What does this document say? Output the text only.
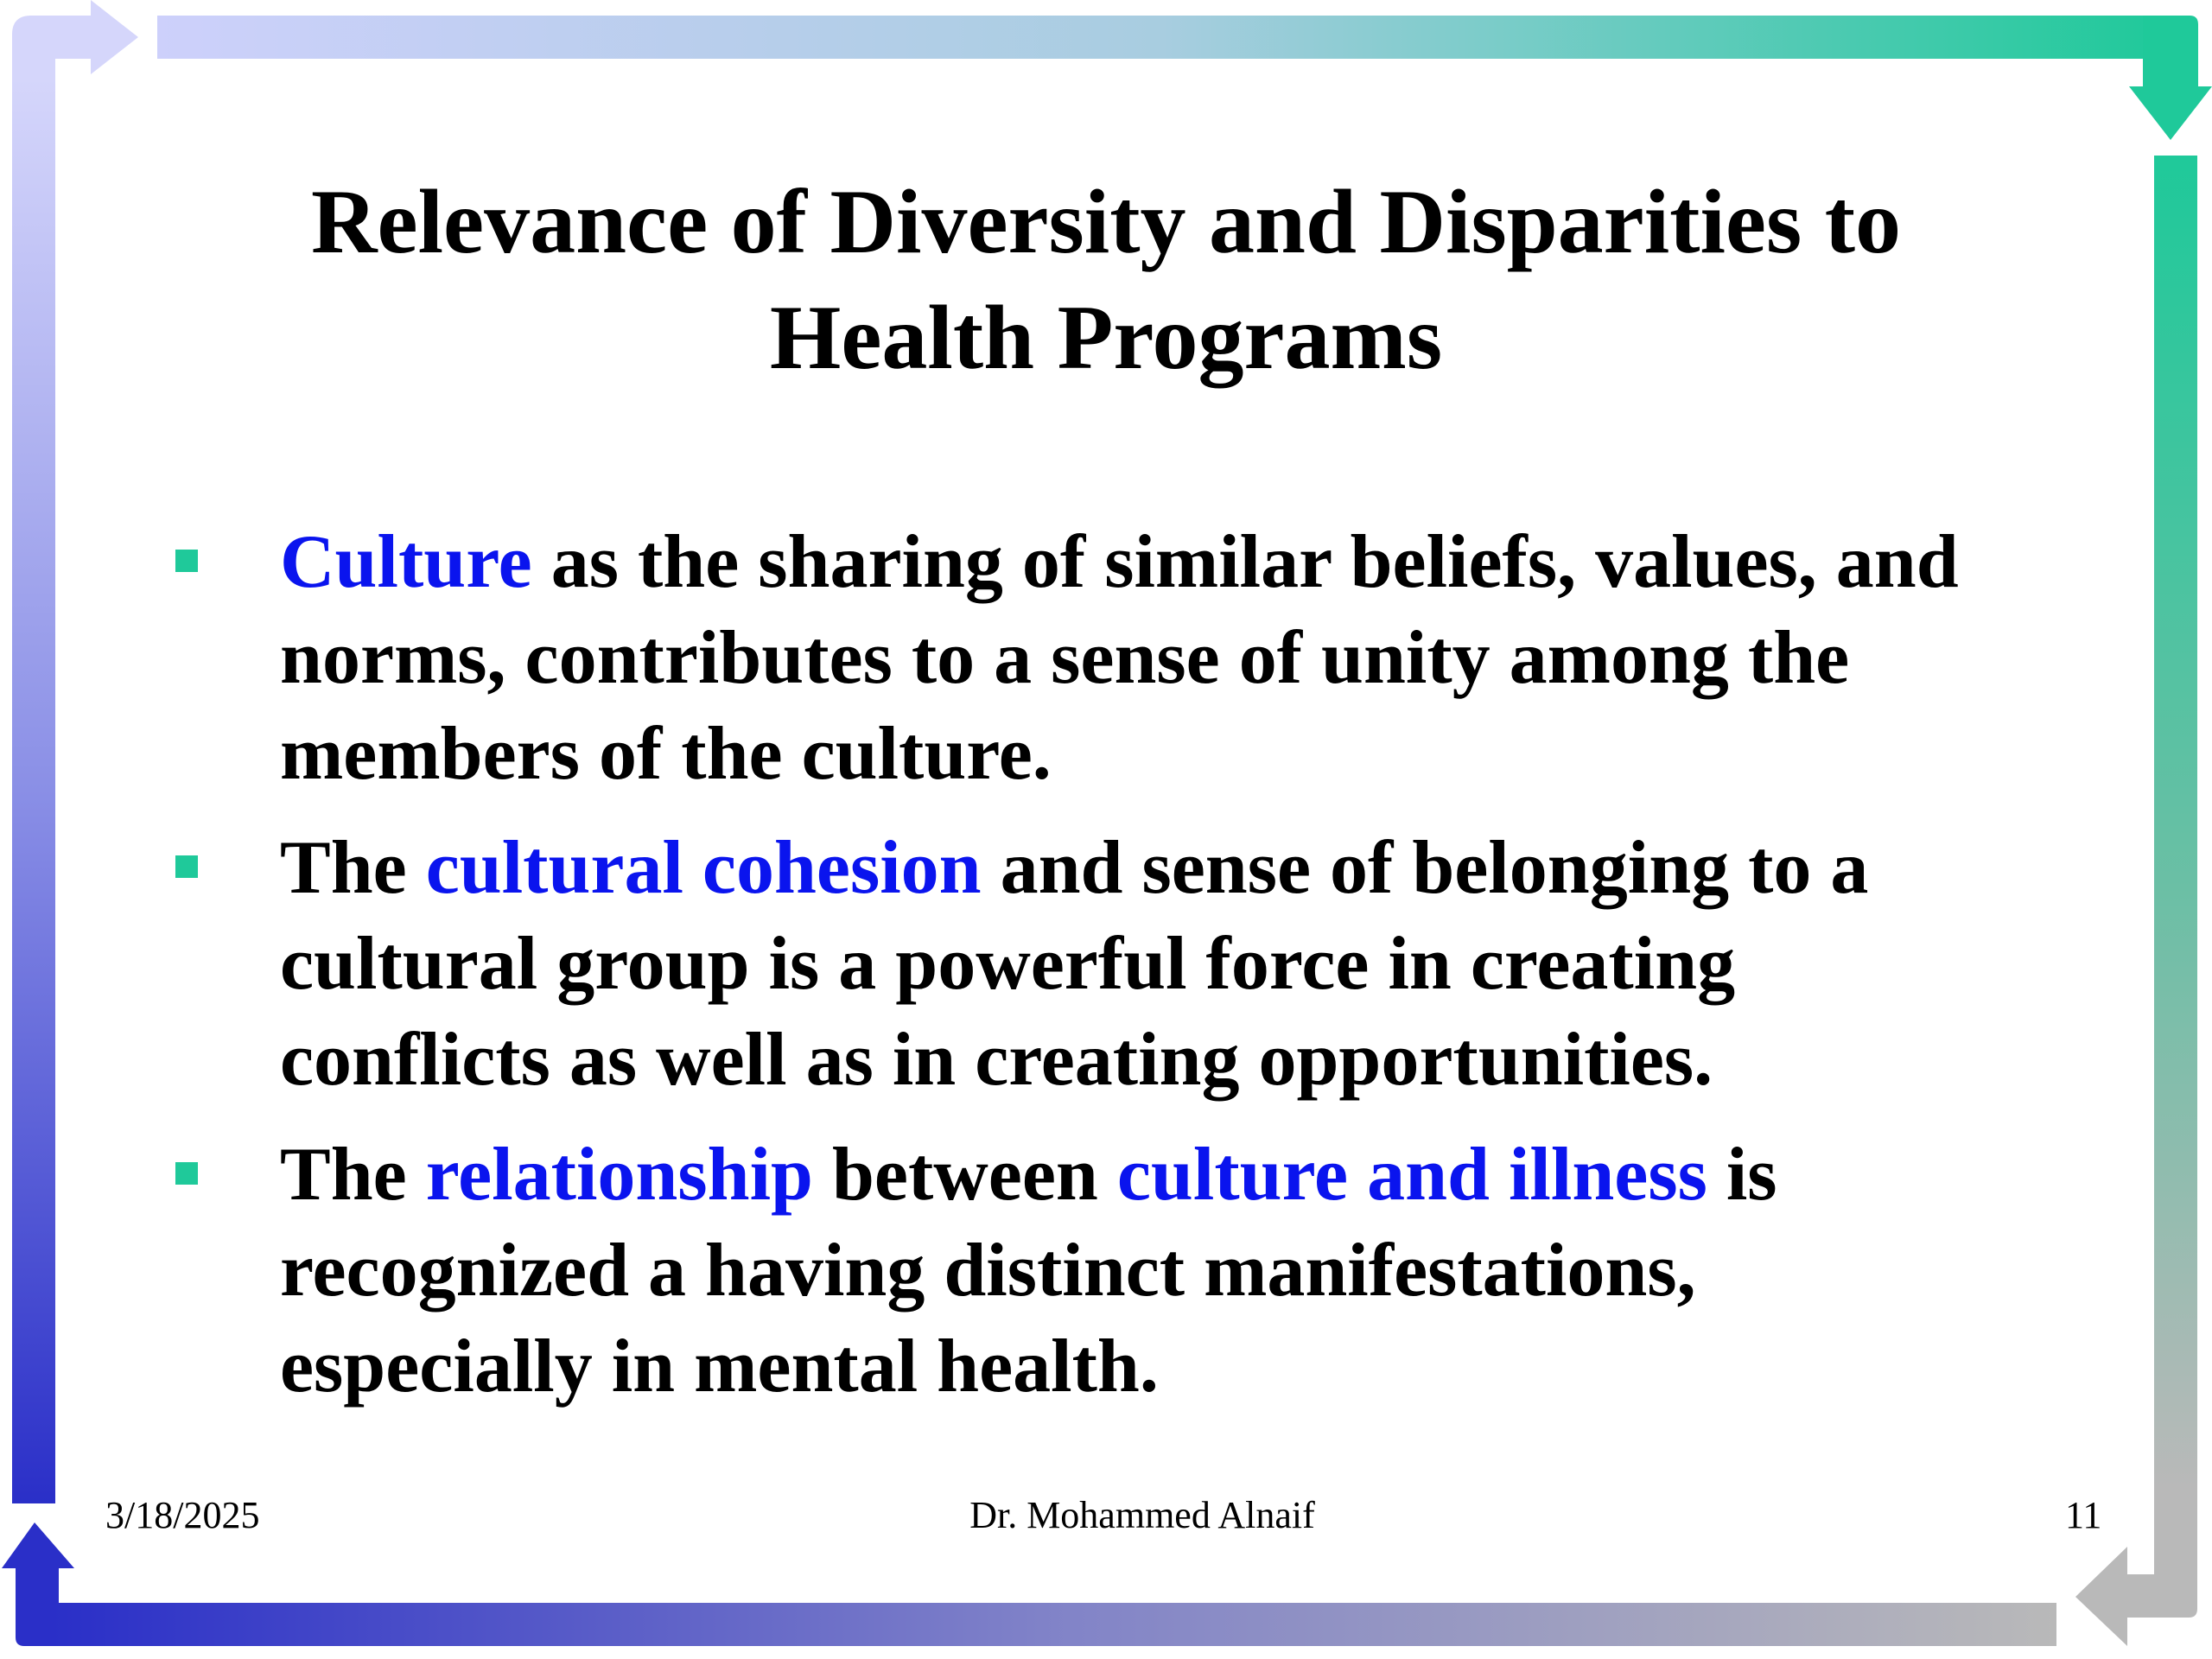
Relevance of Diversity and Disparities to
Health Programs
Culture as the sharing of similar beliefs, values, and
norms, contributes to a sense of unity among the
members of the culture.
The cultural cohesion and sense of belonging to a
cultural group is a powerful force in creating
conflicts as well as in creating opportunities.
The relationship between culture and illness is
recognized a having distinct manifestations,
especially in mental health.
3/18/2025	Dr. Mohammed Alnaif	11
